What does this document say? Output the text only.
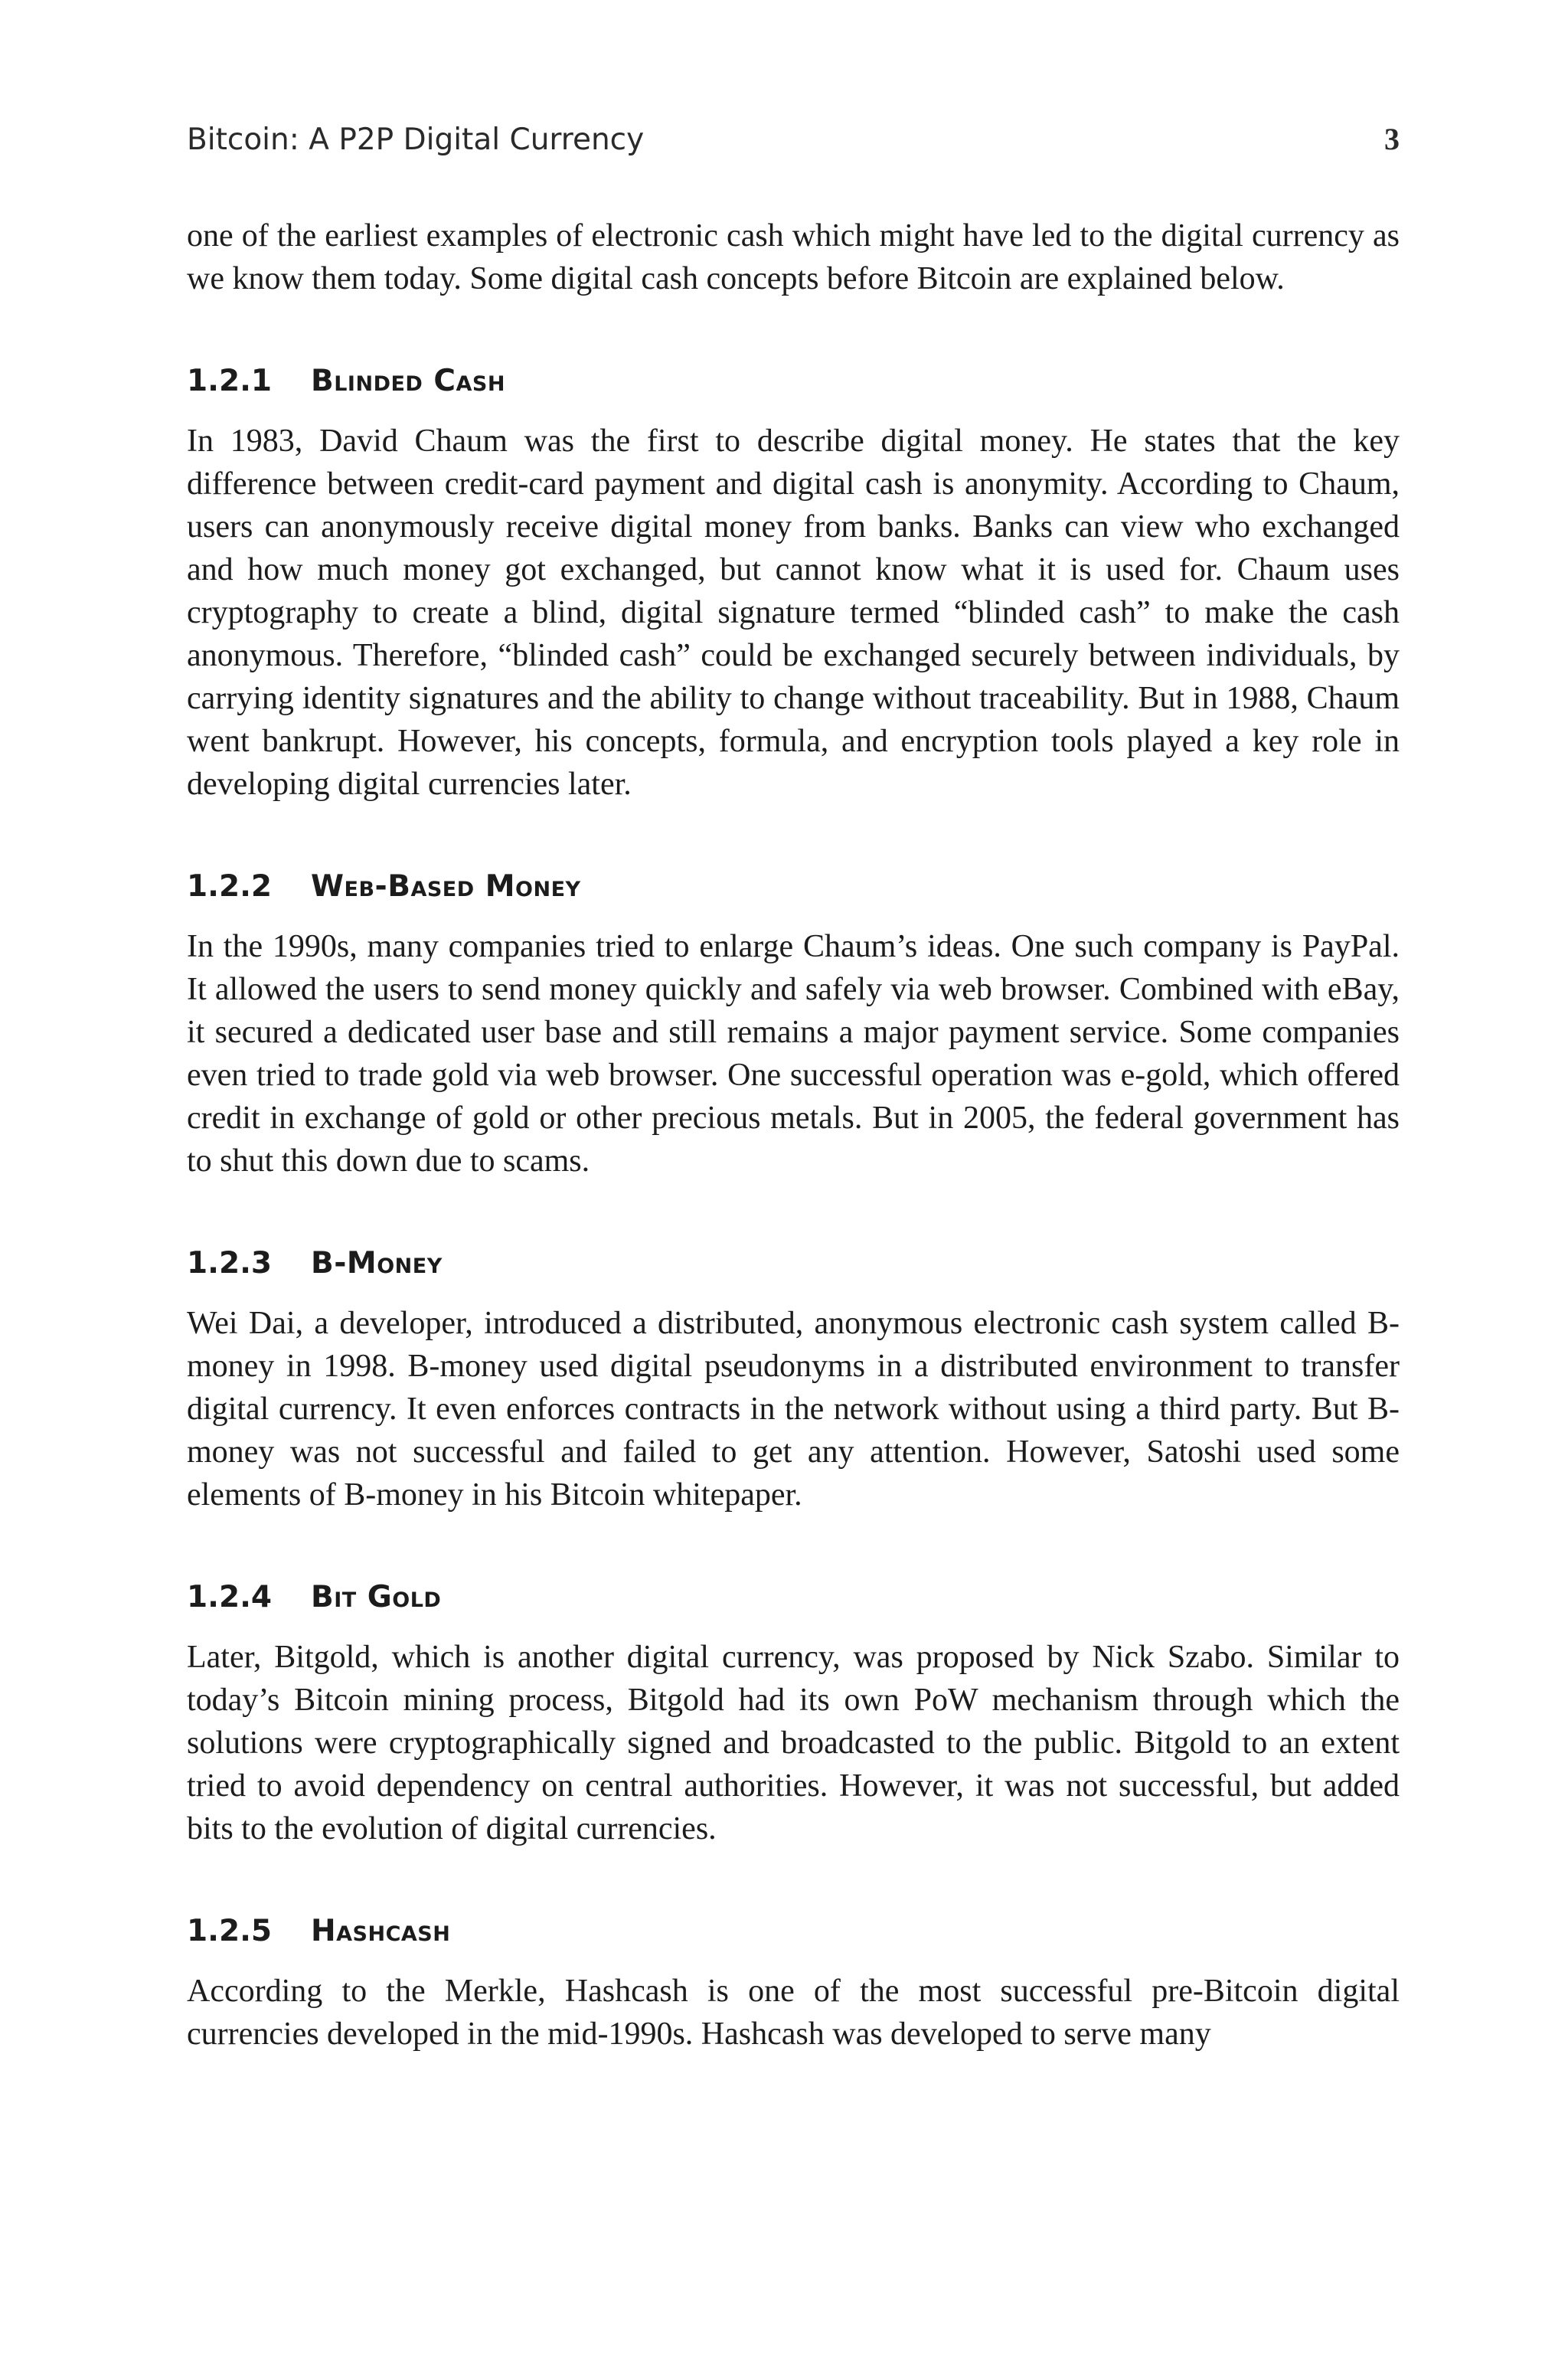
Bitcoin: A P2P Digital Currency	3

one of the earliest examples of electronic cash which might have led to the digital currency as we know them today. Some digital cash concepts before Bitcoin are explained below.

1.2.1 Blinded Cash

In 1983, David Chaum was the first to describe digital money. He states that the key difference between credit-card payment and digital cash is anonymity. According to Chaum, users can anonymously receive digital money from banks. Banks can view who exchanged and how much money got exchanged, but cannot know what it is used for. Chaum uses cryptography to create a blind, digital signature termed “blinded cash” to make the cash anonymous. Therefore, “blinded cash” could be exchanged securely between individuals, by carrying identity signatures and the ability to change without traceability. But in 1988, Chaum went bankrupt. However, his concepts, formula, and encryption tools played a key role in developing digital currencies later.

1.2.2 Web-Based Money

In the 1990s, many companies tried to enlarge Chaum’s ideas. One such company is PayPal. It allowed the users to send money quickly and safely via web browser. Combined with eBay, it secured a dedicated user base and still remains a major payment service. Some companies even tried to trade gold via web browser. One successful operation was e-gold, which offered credit in exchange of gold or other precious metals. But in 2005, the federal government has to shut this down due to scams.

1.2.3 B-Money

Wei Dai, a developer, introduced a distributed, anonymous electronic cash system called B-money in 1998. B-money used digital pseudonyms in a distributed environment to transfer digital currency. It even enforces contracts in the network without using a third party. But B-money was not successful and failed to get any attention. However, Satoshi used some elements of B-money in his Bitcoin whitepaper.

1.2.4 Bit Gold

Later, Bitgold, which is another digital currency, was proposed by Nick Szabo. Similar to today’s Bitcoin mining process, Bitgold had its own PoW mechanism through which the solutions were cryptographically signed and broadcasted to the public. Bitgold to an extent tried to avoid dependency on central authorities. However, it was not successful, but added bits to the evolution of digital currencies.

1.2.5 Hashcash

According to the Merkle, Hashcash is one of the most successful pre-Bitcoin digital currencies developed in the mid-1990s. Hashcash was developed to serve many
